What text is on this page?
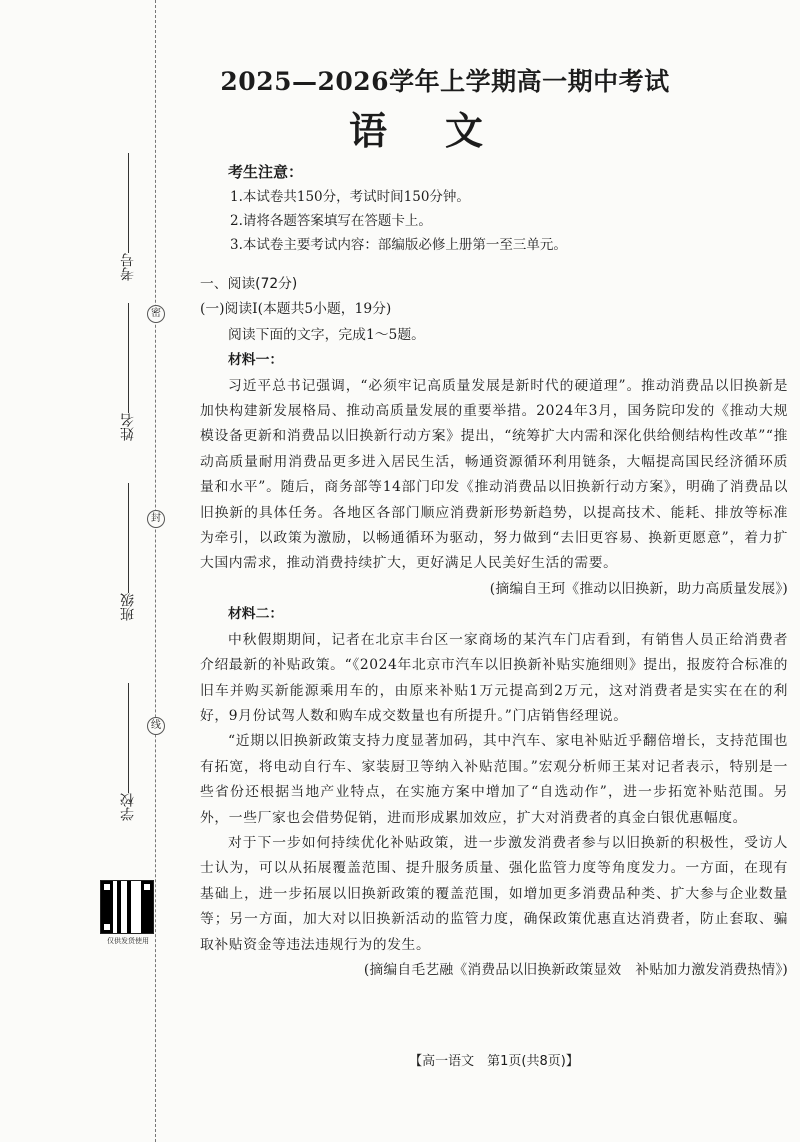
密
封
线
考号
姓名
班级
学校
仅供发货使用
2025—2026学年上学期高一期中考试
语文
考生注意：
1.本试卷共150分，考试时间150分钟。
2.请将各题答案填写在答题卡上。
3.本试卷主要考试内容：部编版必修上册第一至三单元。

一、阅读(72分)

(一)阅读Ⅰ(本题共5小题，19分)

阅读下面的文字，完成1～5题。

材料一：

习近平总书记强调，“必须牢记高质量发展是新时代的硬道理”。推动消费品以旧换新是加快构建新发展格局、推动高质量发展的重要举措。2024年3月，国务院印发的《推动大规模设备更新和消费品以旧换新行动方案》提出，“统筹扩大内需和深化供给侧结构性改革”“推动高质量耐用消费品更多进入居民生活，畅通资源循环利用链条，大幅提高国民经济循环质量和水平”。随后，商务部等14部门印发《推动消费品以旧换新行动方案》，明确了消费品以旧换新的具体任务。各地区各部门顺应消费新形势新趋势，以提高技术、能耗、排放等标准为牵引，以政策为激励，以畅通循环为驱动，努力做到“去旧更容易、换新更愿意”，着力扩大国内需求，推动消费持续扩大，更好满足人民美好生活的需要。

(摘编自王珂《推动以旧换新，助力高质量发展》)

材料二：

中秋假期期间，记者在北京丰台区一家商场的某汽车门店看到，有销售人员正给消费者介绍最新的补贴政策。“《2024年北京市汽车以旧换新补贴实施细则》提出，报废符合标准的旧车并购买新能源乘用车的，由原来补贴1万元提高到2万元，这对消费者是实实在在的利好，9月份试驾人数和购车成交数量也有所提升。”门店销售经理说。

“近期以旧换新政策支持力度显著加码，其中汽车、家电补贴近乎翻倍增长，支持范围也有拓宽，将电动自行车、家装厨卫等纳入补贴范围。”宏观分析师王某对记者表示，特别是一些省份还根据当地产业特点，在实施方案中增加了“自选动作”，进一步拓宽补贴范围。另外，一些厂家也会借势促销，进而形成累加效应，扩大对消费者的真金白银优惠幅度。

对于下一步如何持续优化补贴政策，进一步激发消费者参与以旧换新的积极性，受访人士认为，可以从拓展覆盖范围、提升服务质量、强化监管力度等角度发力。一方面，在现有基础上，进一步拓展以旧换新政策的覆盖范围，如增加更多消费品种类、扩大参与企业数量等；另一方面，加大对以旧换新活动的监管力度，确保政策优惠直达消费者，防止套取、骗取补贴资金等违法违规行为的发生。

(摘编自毛艺融《消费品以旧换新政策显效　补贴加力激发消费热情》)

【高一语文　第1页(共8页)】
